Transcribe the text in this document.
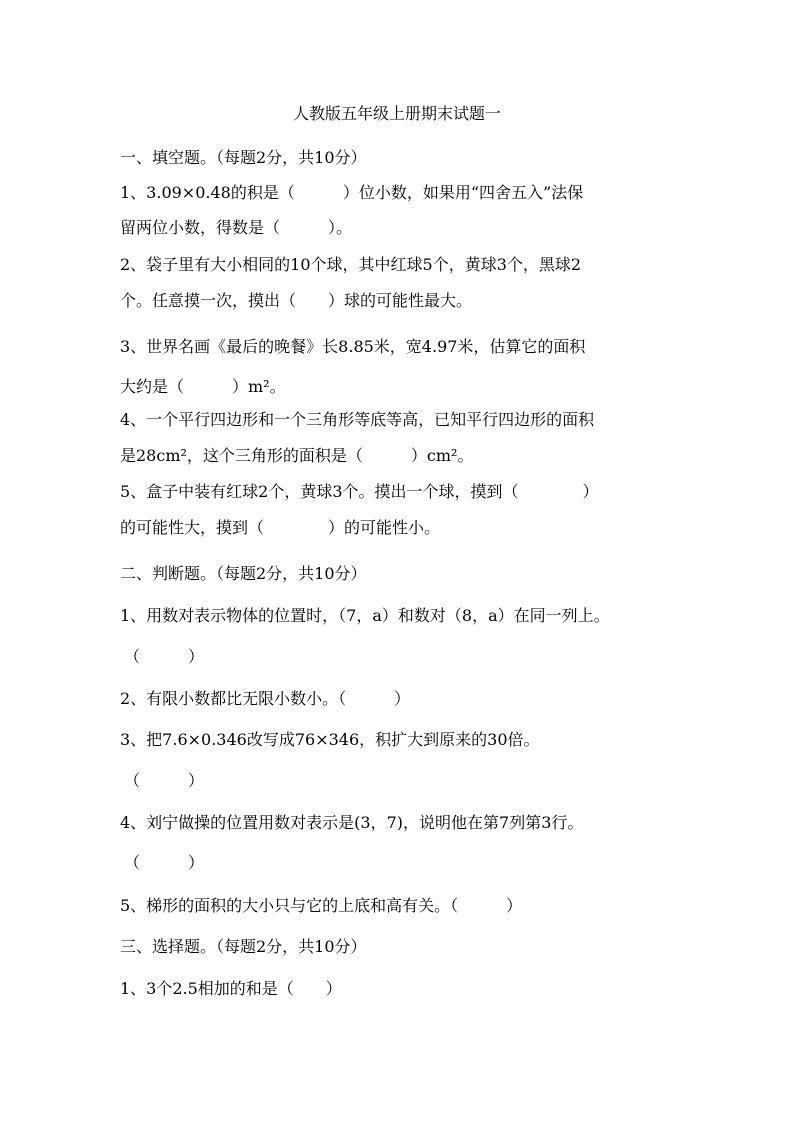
人教版五年级上册期末试题一
一、填空题。（每题2分，共10分）
1、3.09×0.48的积是（　　　）位小数，如果用“四舍五入”法保
留两位小数，得数是（　　　）。
2、袋子里有大小相同的10个球，其中红球5个，黄球3个，黑球2
个。任意摸一次，摸出（　　）球的可能性最大。
3、世界名画《最后的晚餐》长8.85米，宽4.97米，估算它的面积
大约是（　　　）m²。
4、一个平行四边形和一个三角形等底等高，已知平行四边形的面积
是28cm²，这个三角形的面积是（　　　）cm²。
5、盒子中装有红球2个，黄球3个。摸出一个球，摸到（　　　　）
的可能性大，摸到（　　　　）的可能性小。
二、判断题。（每题2分，共10分）
1、用数对表示物体的位置时，（7，a）和数对（8，a）在同一列上。
（　　　）
2、有限小数都比无限小数小。（　　　）
3、把7.6×0.346改写成76×346，积扩大到原来的30倍。
（　　　）
4、刘宁做操的位置用数对表示是(3，7)，说明他在第7列第3行。
（　　　）
5、梯形的面积的大小只与它的上底和高有关。（　　　）
三、选择题。（每题2分，共10分）
1、3个2.5相加的和是（　　）
